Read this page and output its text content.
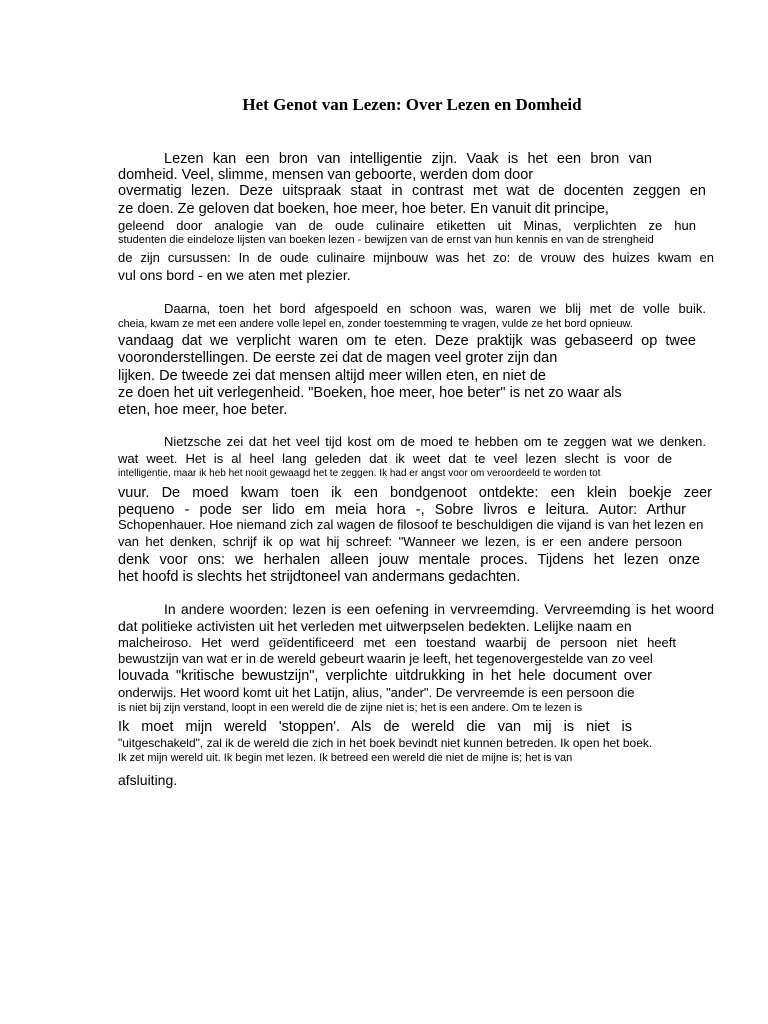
Het Genot van Lezen: Over Lezen en Domheid
Lezen kan een bron van intelligentie zijn. Vaak is het een bron van
domheid. Veel, slimme, mensen van geboorte, werden dom door
overmatig lezen. Deze uitspraak staat in contrast met wat de docenten zeggen en
ze doen. Ze geloven dat boeken, hoe meer, hoe beter. En vanuit dit principe,
geleend door analogie van de oude culinaire etiketten uit Minas, verplichten ze hun
studenten die eindeloze lijsten van boeken lezen - bewijzen van de ernst van hun kennis en van de strengheid
de zijn cursussen: In de oude culinaire mijnbouw was het zo: de vrouw des huizes kwam en
vul ons bord - en we aten met plezier.
Daarna, toen het bord afgespoeld en schoon was, waren we blij met de volle buik.
cheia, kwam ze met een andere volle lepel en, zonder toestemming te vragen, vulde ze het bord opnieuw.
vandaag dat we verplicht waren om te eten. Deze praktijk was gebaseerd op twee
vooronderstellingen. De eerste zei dat de magen veel groter zijn dan
lijken. De tweede zei dat mensen altijd meer willen eten, en niet de
ze doen het uit verlegenheid. "Boeken, hoe meer, hoe beter" is net zo waar als
eten, hoe meer, hoe beter.
Nietzsche zei dat het veel tijd kost om de moed te hebben om te zeggen wat we denken.
wat weet. Het is al heel lang geleden dat ik weet dat te veel lezen slecht is voor de
intelligentie, maar ik heb het nooit gewaagd het te zeggen. Ik had er angst voor om veroordeeld te worden tot
vuur. De moed kwam toen ik een bondgenoot ontdekte: een klein boekje zeer
pequeno - pode ser lido em meia hora -, Sobre livros e leitura. Autor: Arthur
Schopenhauer. Hoe niemand zich zal wagen de filosoof te beschuldigen die vijand is van het lezen en
van het denken, schrijf ik op wat hij schreef: "Wanneer we lezen, is er een andere persoon
denk voor ons: we herhalen alleen jouw mentale proces. Tijdens het lezen onze
het hoofd is slechts het strijdtoneel van andermans gedachten.
In andere woorden: lezen is een oefening in vervreemding. Vervreemding is het woord
dat politieke activisten uit het verleden met uitwerpselen bedekten. Lelijke naam en
malcheiroso. Het werd geïdentificeerd met een toestand waarbij de persoon niet heeft
bewustzijn van wat er in de wereld gebeurt waarin je leeft, het tegenovergestelde van zo veel
louvada "kritische bewustzijn", verplichte uitdrukking in het hele document over
onderwijs. Het woord komt uit het Latijn, alius, "ander". De vervreemde is een persoon die
is niet bij zijn verstand, loopt in een wereld die de zijne niet is; het is een andere. Om te lezen is
Ik moet mijn wereld 'stoppen'. Als de wereld die van mij is niet is
"uitgeschakeld", zal ik de wereld die zich in het boek bevindt niet kunnen betreden. Ik open het boek.
Ik zet mijn wereld uit. Ik begin met lezen. Ik betreed een wereld die niet de mijne is; het is van
afsluiting.
